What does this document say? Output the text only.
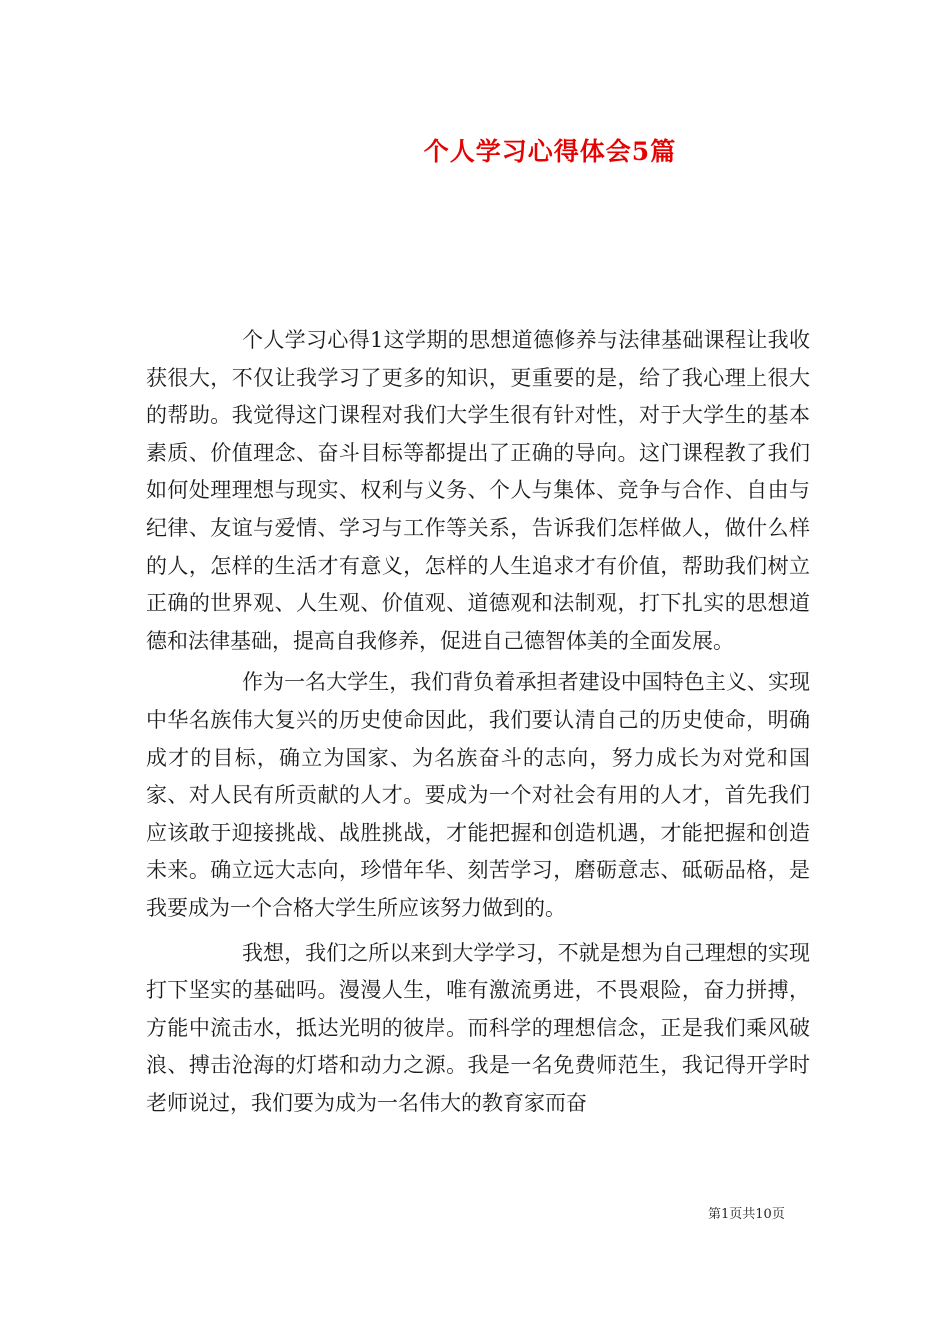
个人学习心得体会5篇

个人学习心得1这学期的思想道德修养与法律基础课程让我收获很大，不仅让我学习了更多的知识，更重要的是，给了我心理上很大的帮助。我觉得这门课程对我们大学生很有针对性，对于大学生的基本素质、价值理念、奋斗目标等都提出了正确的导向。这门课程教了我们如何处理理想与现实、权利与义务、个人与集体、竞争与合作、自由与纪律、友谊与爱情、学习与工作等关系，告诉我们怎样做人，做什么样的人，怎样的生活才有意义，怎样的人生追求才有价值，帮助我们树立正确的世界观、人生观、价值观、道德观和法制观，打下扎实的思想道德和法律基础，提高自我修养，促进自己德智体美的全面发展。

作为一名大学生，我们背负着承担者建设中国特色主义、实现中华名族伟大复兴的历史使命因此，我们要认清自己的历史使命，明确成才的目标，确立为国家、为名族奋斗的志向，努力成长为对党和国家、对人民有所贡献的人才。要成为一个对社会有用的人才，首先我们应该敢于迎接挑战、战胜挑战，才能把握和创造机遇，才能把握和创造未来。确立远大志向，珍惜年华、刻苦学习，磨砺意志、砥砺品格，是我要成为一个合格大学生所应该努力做到的。

我想，我们之所以来到大学学习，不就是想为自己理想的实现打下坚实的基础吗。漫漫人生，唯有激流勇进，不畏艰险，奋力拼搏，方能中流击水，抵达光明的彼岸。而科学的理想信念，正是我们乘风破浪、搏击沧海的灯塔和动力之源。我是一名免费师范生，我记得开学时老师说过，我们要为成为一名伟大的教育家而奋

第1页共10页
